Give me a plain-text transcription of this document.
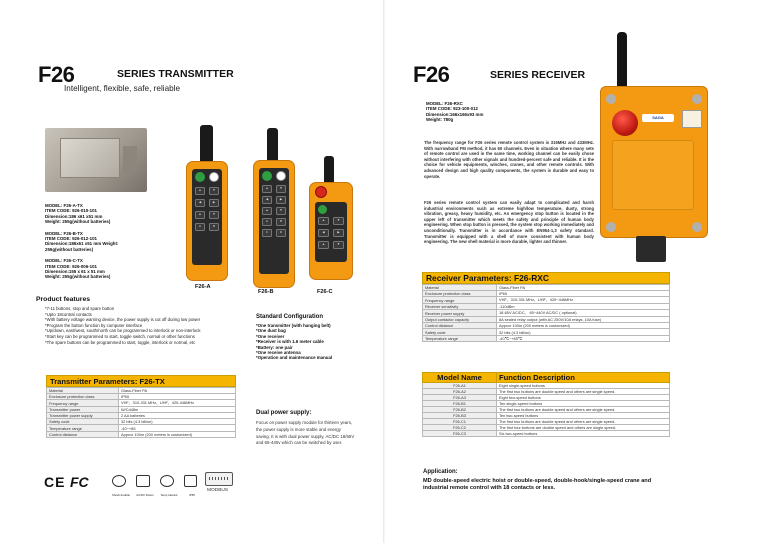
F26	SERIES TRANSMITTER
Intelligent, flexible, safe, reliable
MODEL: F26-A-TX
ITEM CODE: 926-010-101
Dimension:186 x61 x51 mm
Weight: 255g(without batteries)
MODEL: F26-B-TX
ITEM CODE: 926-012-101
Dimension:186x61 x51 mm Weight:
255g(without batteries)
MODEL: F26-C-TX
ITEM CODE: 926-006-101
Dimension:155 x 61 x 51 mm
Weight: 255g(without batteries)
▲	▼
◀	▶
▲	▼
A	B
F26-A
▲	▼
◀	▶
▲	▼
A	B
C	D
F26-B
▲	▼
◀	▶
▲	▼
F26-C
Product features
*7-11 buttons, stop and spare button
*Upto 18contral contacts
*With battery voltage warning device, the power supply is cut off during low power
*Program the button function by computer interface
*Up/down, east/west, south/north can be programmed to interlock or non-interlock
*Start key can be programmed to start, toggle switch, normal or other functions
*The spare buttons can be programmed to start, toggle, interlock or normal, etc
Standard Configuration
*One transmitter (with hanging belt)
*One dust bag
*One receiver
*Receiver is with 1.6 meter cable
*Battery: one pair
*One receive antenna
*Operation and maintenance manual
Transmitter Parameters: F26-TX
Material	Glass-Fiber PA
Enclosure protection class	IP65
Frequency range	VHF、310-331 MHz、UHF、425-446MHz
Transmitter power	W/Cd48m
Transmitter power supply	2 AA batteries
Safety code	32 bits (4.3 billion)
Temperature range	-40~+85
Control distance	Approx 100m (200 meters is customized)
Dual power supply:
Focus on power supply module for thirteen years, the power supply is more stable and energy saving. It is with dual power supply, AC/DC 18/65V and 65-440v which can be switched by user.
CE FC
Shock durable AC/DC Power Temp tolerant	IP65
MODBUS
F26	SERIES RECEIVER
MODEL: F26-RXC
ITEM CODE: 923-100-012
Dimension:166x166x93 mm
Weight: 780g
The frequency range for F26 series remote control system is 315MHz and 433MHz. With narrowband FM method, it has 60 channels. Even in situation where many sets of remote control are used in the same time, working channel can be easily chose without interfering with other signals and hundred-percent safe and reliable. It is the choice for vehicle equipments, winches, cranes, and other remote controls. With advanced design and high quality components, the system is durable and easy to operate.
F26 series remote control system can easily adapt to complicated and harsh industrial environments such as extreme high/low temperature, dusty, strong vibration, greasy, heavy humidity, etc. An emergency stop button is located in the upper left of transmitter which meets the safety and principle of human body engineering. When stop button is pressed, the system stop working immediately and unconditionally. Transmitter is in accordance with EN954-1,3 safety standard. Transmitter is equipped with a shell of more consistent with human body engineering. The new shell material is more durable, lighter and thinner.
SAGA
Receiver Parameters: F26-RXC
Material	Glass-Fiber PA
Enclosure protection class	IP65
Frequency range	VHF、310-331 MHz、UHF、425~446MHz
Receiver sensitivity	-110dBm
Receiver power supply	18-65V AC/DC、 65~440V AC/DC ( optional)
Output contactor capacity	8A sealed relay output (with AC 250V/10A relays, 10A fuse)
Control distance	Approx 100m (200 meters is customized)
Safety code	32 bits (4.3 billion)
Temperature range	-40℃~+85℃
Model Name	Function Description
F26-A1	Eight single-speed buttons
F26-A2	The first two buttons are double speed and others are single speed.
F26-A3	Eight two-speed buttons
F26-B1	Ten single-speed buttons
F26-B2	The first two buttons are double speed and others are single speed.
F26-B3	Ten two-speed buttons
F26-C1	The first two buttons are double speed and others are single speed.
F26-C2	The first four buttons are double speed and others are single speed.
F26-C3	Six two-speed buttons
Application:
MD double-speed electric hoist or double-speed, double-hook/single-speed crane and industrial remote control with 18 contacts or less.
